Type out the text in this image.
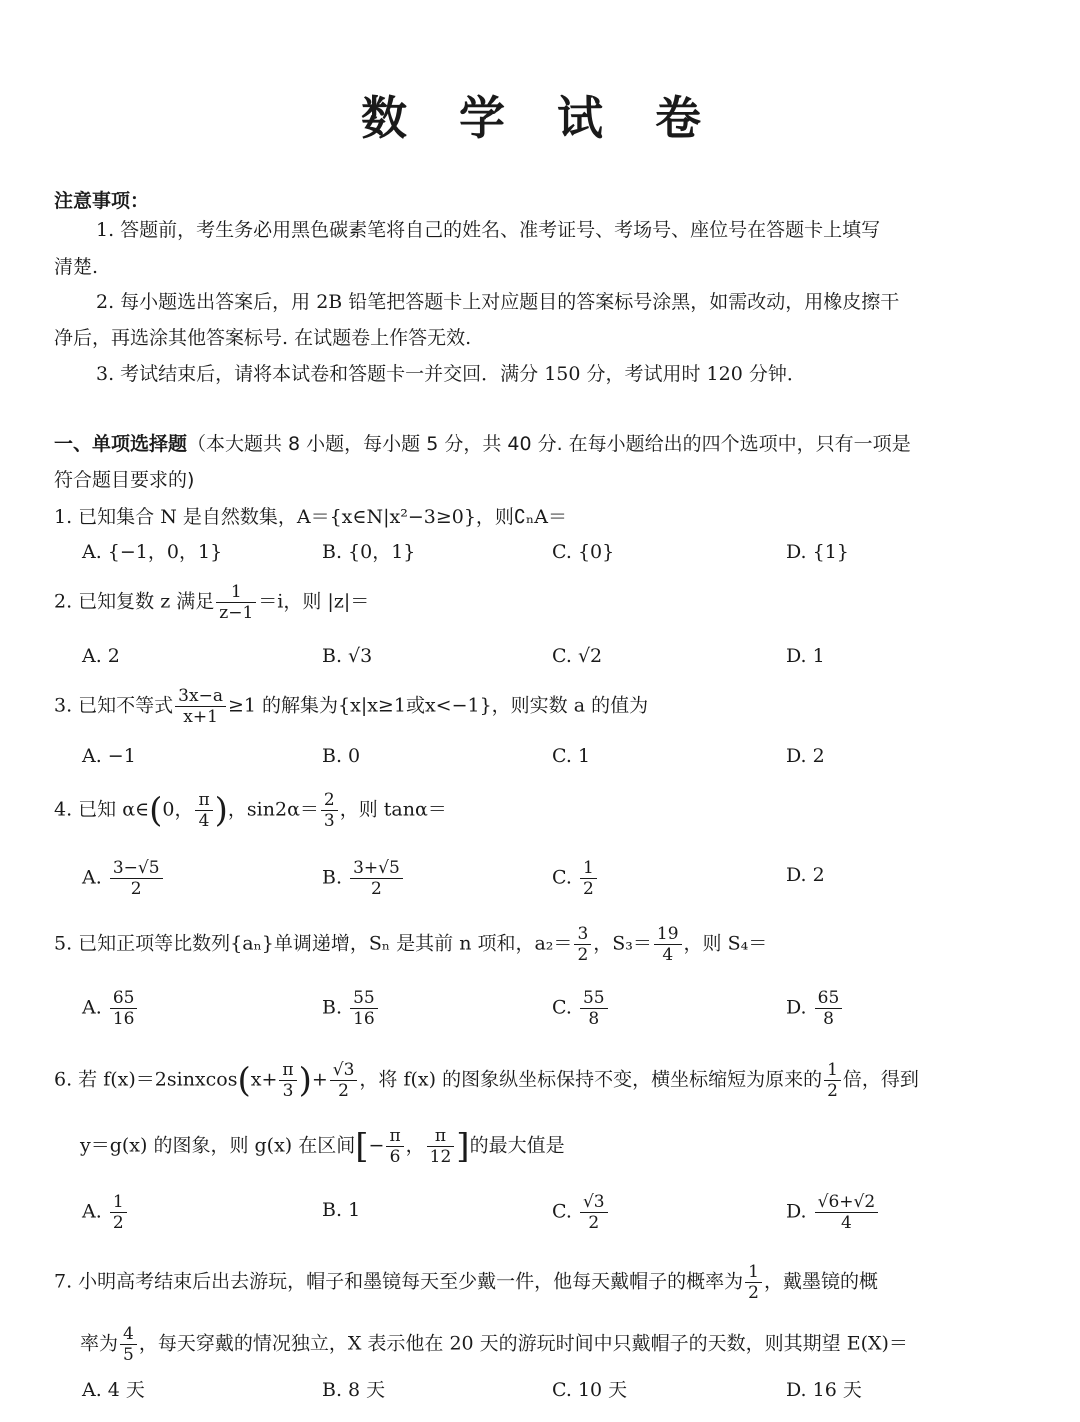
数 学 试 卷
注意事项：
1. 答题前，考生务必用黑色碳素笔将自己的姓名、准考证号、考场号、座位号在答题卡上填写
清楚.
2. 每小题选出答案后，用 2B 铅笔把答题卡上对应题目的答案标号涂黑，如需改动，用橡皮擦干
净后，再选涂其他答案标号. 在试题卷上作答无效.
3. 考试结束后，请将本试卷和答题卡一并交回．满分 150 分，考试用时 120 分钟．
一、单项选择题（本大题共 8 小题，每小题 5 分，共 40 分. 在每小题给出的四个选项中，只有一项是
符合题目要求的)
1. 已知集合 N 是自然数集，A＝{x∈N|x²−3≥0}，则∁ₙA＝
A. {−1，0，1}	B. {0，1}	C. {0}	D. {1}
2. 已知复数 z 满足 $\frac{1}{z-1} =i$，则 |z|＝
A. 2	B. √3	C. √2	D. 1
3. 已知不等式 $\frac{3x-a}{x+1} \ge 1$ 的解集为{x|x≥1或x<−1}，则实数 a 的值为
A. −1	B. 0	C. 1	D. 2
4. 已知 α∈(0， $\frac{\pi}{4}$ )，$\sin 2\alpha= \frac{2}{3}$ ，则 tanα＝
A. $\frac{3-√5}{2}$	B. $\frac{3+√5}{2}$	C. $\frac{1}{2}$	D. 2
5. 已知正项等比数列{aₙ}单调递增，Sₙ 是其前 n 项和，$a_2= \frac{3}{2}$ ，$S_3= \frac{19}{4}$ ，则 S₄＝
A. $\frac{65}{16}$	B. $\frac{55}{16}$	C. $\frac{55}{8}$	D. $\frac{65}{8}$
6. 若 f(x)＝2sinxcos(x+ $\frac{\pi}{3}$ )+ $\frac{√3}{2}$ ，将 f(x) 的图象纵坐标保持不变，横坐标缩短为原来的 $\frac{1}{2}$ 倍，得到
y＝g(x) 的图象，则 g(x) 在区间[− $\frac{\pi}{6}$ ， $\frac{\pi}{12}$ ]的最大值是
A. $\frac{1}{2}$	B. 1	C. $\frac{√3}{2}$	D. $\frac{√6+√2}{4}$
7. 小明高考结束后出去游玩，帽子和墨镜每天至少戴一件，他每天戴帽子的概率为 $\frac{1}{2}$ ，戴墨镜的概
率为 $\frac{4}{5}$ ，每天穿戴的情况独立，X 表示他在 20 天的游玩时间中只戴帽子的天数，则其期望 E(X)＝
A. 4 天	B. 8 天	C. 10 天	D. 16 天
